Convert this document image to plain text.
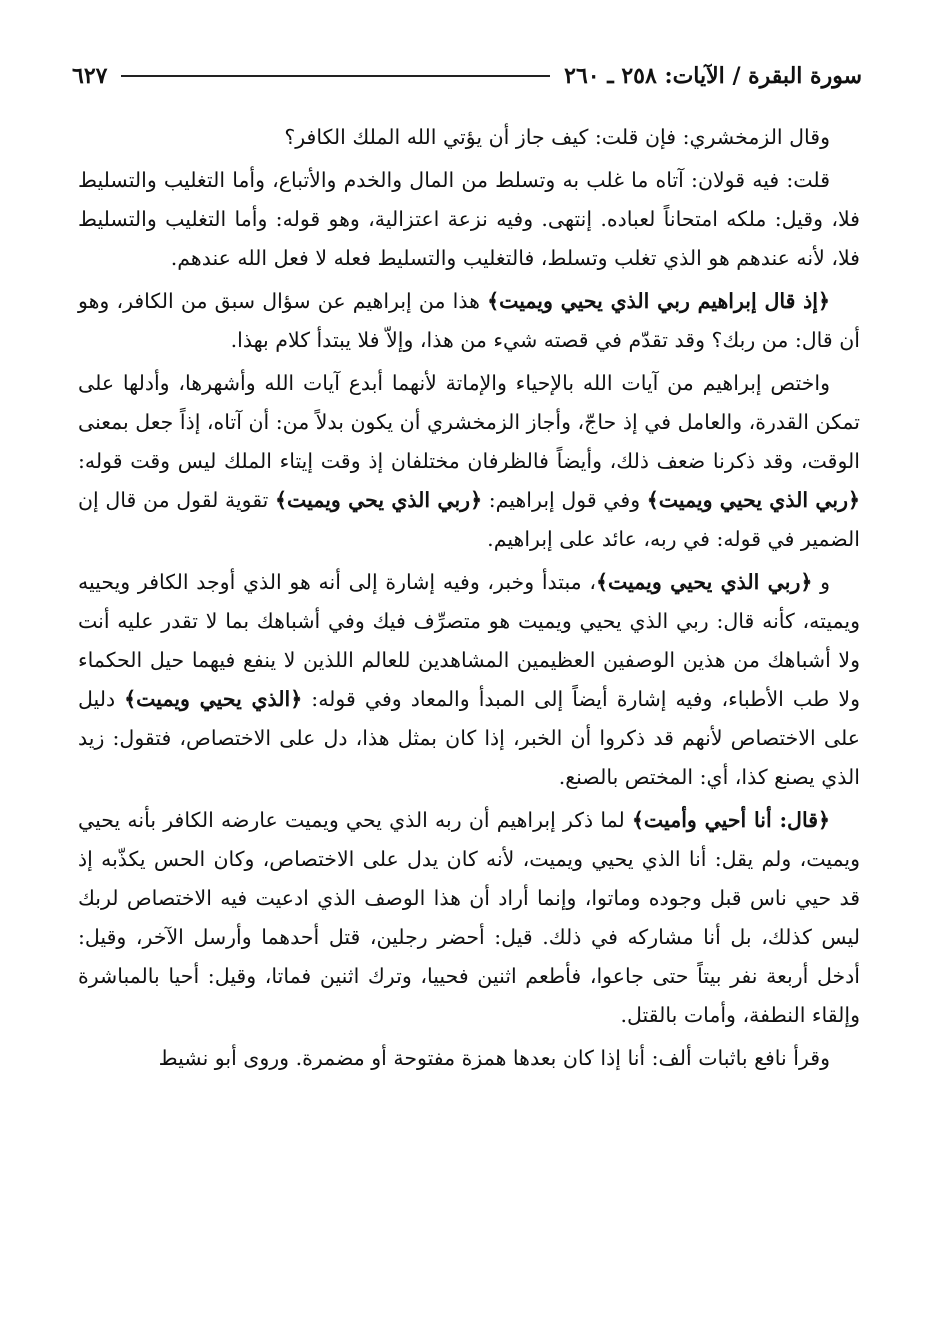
سورة البقرة / الآيات: ٢٥٨ ـ ٢٦٠
٦٢٧

وقال الزمخشري: فإن قلت: كيف جاز أن يؤتي الله الملك الكافر؟

قلت: فيه قولان: آتاه ما غلب به وتسلط من المال والخدم والأتباع، وأما التغليب والتسليط فلا، وقيل: ملكه امتحاناً لعباده. إنتهى. وفيه نزعة اعتزالية، وهو قوله: وأما التغليب والتسليط فلا، لأنه عندهم هو الذي تغلب وتسلط، فالتغليب والتسليط فعله لا فعل الله عندهم.

﴿إذ قال إبراهيم ربي الذي يحيي ويميت﴾ هذا من إبراهيم عن سؤال سبق من الكافر، وهو أن قال: من ربك؟ وقد تقدّم في قصته شيء من هذا، وإلاّ فلا يبتدأ كلام بهذا.

واختص إبراهيم من آيات الله بالإحياء والإماتة لأنهما أبدع آيات الله وأشهرها، وأدلها على تمكن القدرة، والعامل في إذ حاجّ، وأجاز الزمخشري أن يكون بدلاً من: أن آتاه، إذاً جعل بمعنى الوقت، وقد ذكرنا ضعف ذلك، وأيضاً فالظرفان مختلفان إذ وقت إيتاء الملك ليس وقت قوله: ﴿ربي الذي يحيي ويميت﴾ وفي قول إبراهيم: ﴿ربي الذي يحي ويميت﴾ تقوية لقول من قال إن الضمير في قوله: في ربه، عائد على إبراهيم.

و ﴿ربي الذي يحيي ويميت﴾، مبتدأ وخبر، وفيه إشارة إلى أنه هو الذي أوجد الكافر ويحييه ويميته، كأنه قال: ربي الذي يحيي ويميت هو متصرِّف فيك وفي أشباهك بما لا تقدر عليه أنت ولا أشباهك من هذين الوصفين العظيمين المشاهدين للعالم اللذين لا ينفع فيهما حيل الحكماء ولا طب الأطباء، وفيه إشارة أيضاً إلى المبدأ والمعاد وفي قوله: ﴿الذي يحيي ويميت﴾ دليل على الاختصاص لأنهم قد ذكروا أن الخبر، إذا كان بمثل هذا، دل على الاختصاص، فتقول: زيد الذي يصنع كذا، أي: المختص بالصنع.

﴿قال: أنا أحيي وأميت﴾ لما ذكر إبراهيم أن ربه الذي يحي ويميت عارضه الكافر بأنه يحيي ويميت، ولم يقل: أنا الذي يحيي ويميت، لأنه كان يدل على الاختصاص، وكان الحس يكذّبه إذ قد حيي ناس قبل وجوده وماتوا، وإنما أراد أن هذا الوصف الذي ادعيت فيه الاختصاص لربك ليس كذلك، بل أنا مشاركه في ذلك. قيل: أحضر رجلين، قتل أحدهما وأرسل الآخر، وقيل: أدخل أربعة نفر بيتاً حتى جاعوا، فأطعم اثنين فحييا، وترك اثنين فماتا، وقيل: أحيا بالمباشرة وإلقاء النطفة، وأمات بالقتل.

وقرأ نافع باثبات ألف: أنا إذا كان بعدها همزة مفتوحة أو مضمرة. وروى أبو نشيط
